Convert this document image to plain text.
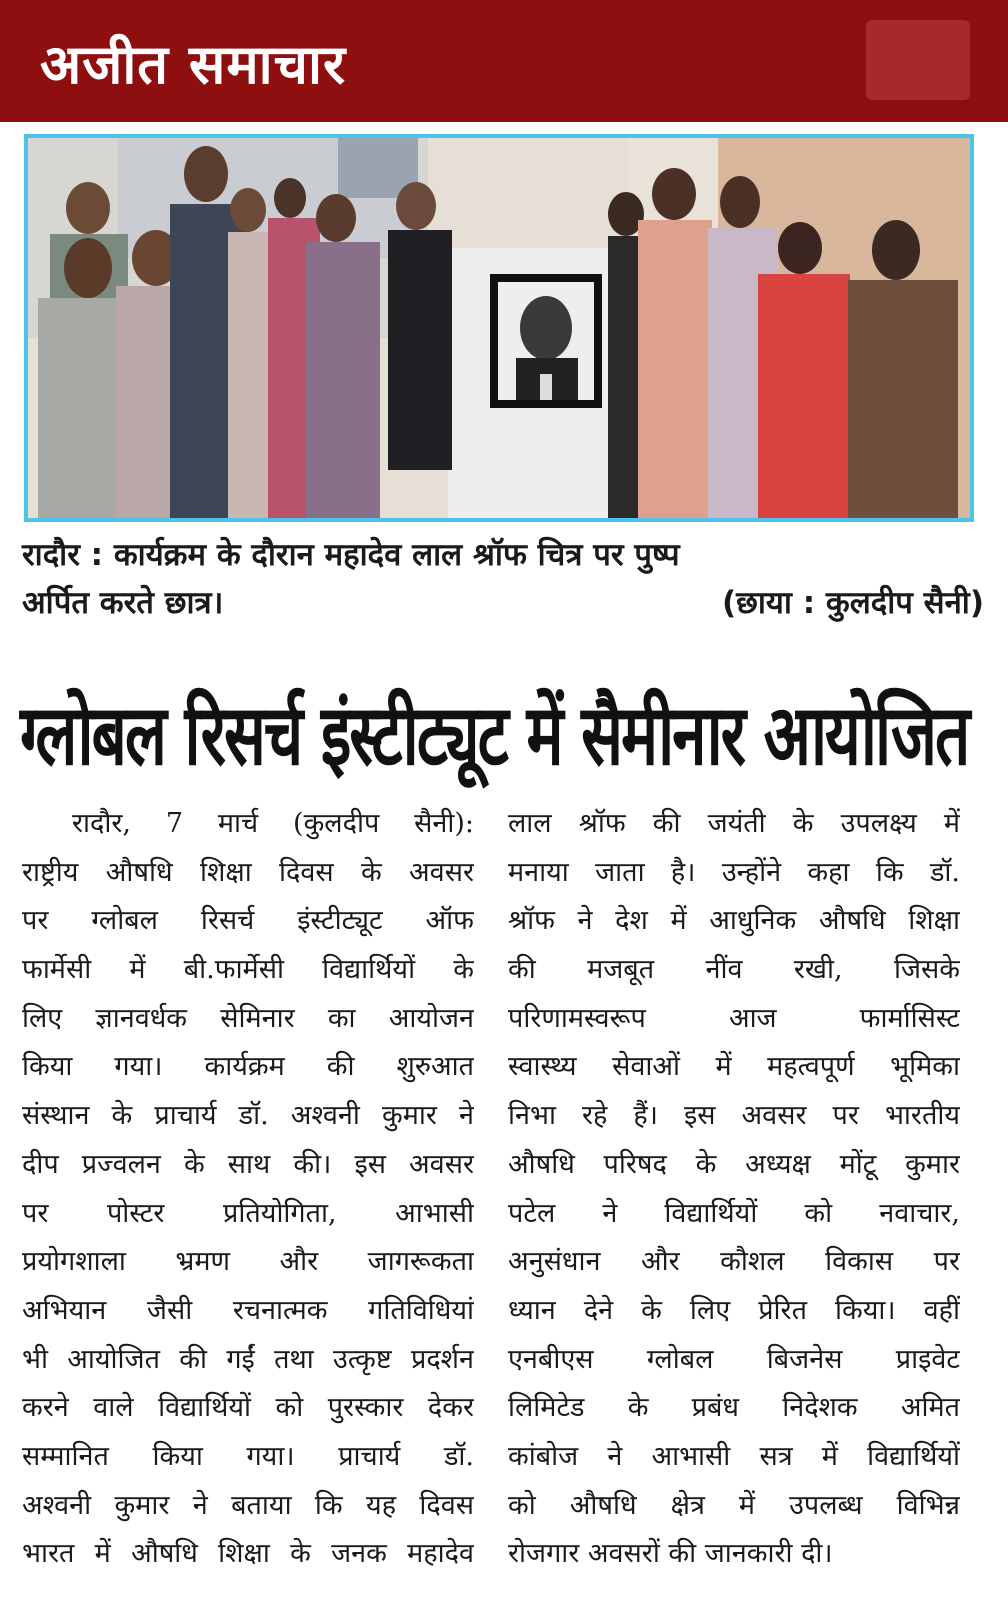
अजीत समाचार
रादौर : कार्यक्रम के दौरान महादेव लाल श्रॉफ चित्र पर पुष्प
अर्पित करते छात्र।	(छाया : कुलदीप सैनी)
ग्लोबल रिसर्च इंस्टीट्यूट में सैमीनार आयोजित
रादौर, 7 मार्च (कुलदीप सैनी):
राष्ट्रीय औषधि शिक्षा दिवस के अवसर
पर ग्लोबल रिसर्च इंस्टीट्यूट ऑफ
फार्मेसी में बी.फार्मेसी विद्यार्थियों के
लिए ज्ञानवर्धक सेमिनार का आयोजन
किया गया। कार्यक्रम की शुरुआत
संस्थान के प्राचार्य डॉ. अश्वनी कुमार ने
दीप प्रज्वलन के साथ की। इस अवसर
पर पोस्टर प्रतियोगिता, आभासी
प्रयोगशाला भ्रमण और जागरूकता
अभियान जैसी रचनात्मक गतिविधियां
भी आयोजित की गईं तथा उत्कृष्ट प्रदर्शन
करने वाले विद्यार्थियों को पुरस्कार देकर
सम्मानित किया गया। प्राचार्य डॉ.
अश्वनी कुमार ने बताया कि यह दिवस
भारत में औषधि शिक्षा के जनक महादेव
लाल श्रॉफ की जयंती के उपलक्ष्य में
मनाया जाता है। उन्होंने कहा कि डॉ.
श्रॉफ ने देश में आधुनिक औषधि शिक्षा
की मजबूत नींव रखी, जिसके
परिणामस्वरूप आज फार्मासिस्ट
स्वास्थ्य सेवाओं में महत्वपूर्ण भूमिका
निभा रहे हैं। इस अवसर पर भारतीय
औषधि परिषद के अध्यक्ष मोंटू कुमार
पटेल ने विद्यार्थियों को नवाचार,
अनुसंधान और कौशल विकास पर
ध्यान देने के लिए प्रेरित किया। वहीं
एनबीएस ग्लोबल बिजनेस प्राइवेट
लिमिटेड के प्रबंध निदेशक अमित
कांबोज ने आभासी सत्र में विद्यार्थियों
को औषधि क्षेत्र में उपलब्ध विभिन्न
रोजगार अवसरों की जानकारी दी।
